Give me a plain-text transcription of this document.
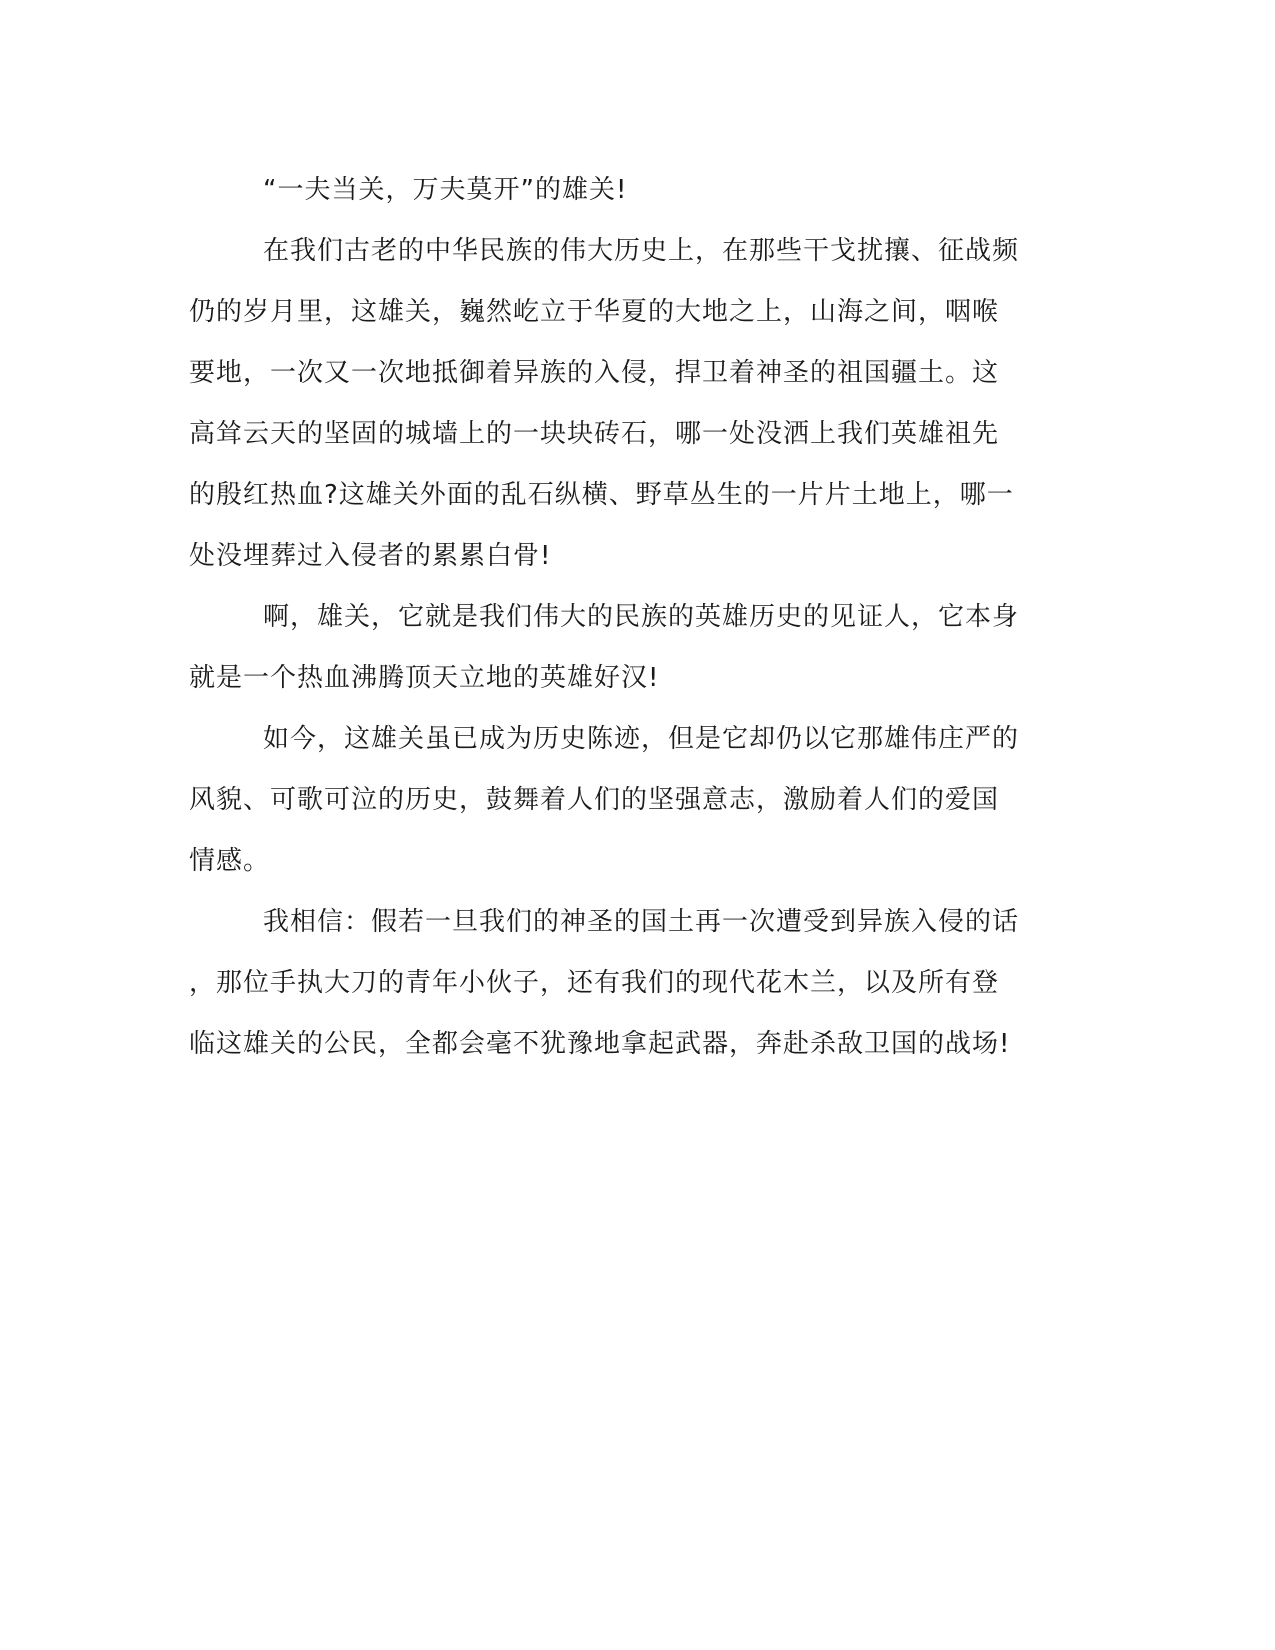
“一夫当关，万夫莫开”的雄关!

在我们古老的中华民族的伟大历史上，在那些干戈扰攘、征战频
仍的岁月里，这雄关，巍然屹立于华夏的大地之上，山海之间，咽喉
要地，一次又一次地抵御着异族的入侵，捍卫着神圣的祖国疆土。这
高耸云天的坚固的城墙上的一块块砖石，哪一处没洒上我们英雄祖先
的殷红热血?这雄关外面的乱石纵横、野草丛生的一片片土地上，哪一
处没埋葬过入侵者的累累白骨!

啊，雄关，它就是我们伟大的民族的英雄历史的见证人，它本身
就是一个热血沸腾顶天立地的英雄好汉!

如今，这雄关虽已成为历史陈迹，但是它却仍以它那雄伟庄严的
风貌、可歌可泣的历史，鼓舞着人们的坚强意志，激励着人们的爱国
情感。

我相信：假若一旦我们的神圣的国土再一次遭受到异族入侵的话
，那位手执大刀的青年小伙子，还有我们的现代花木兰，以及所有登
临这雄关的公民，全都会毫不犹豫地拿起武器，奔赴杀敌卫国的战场!
